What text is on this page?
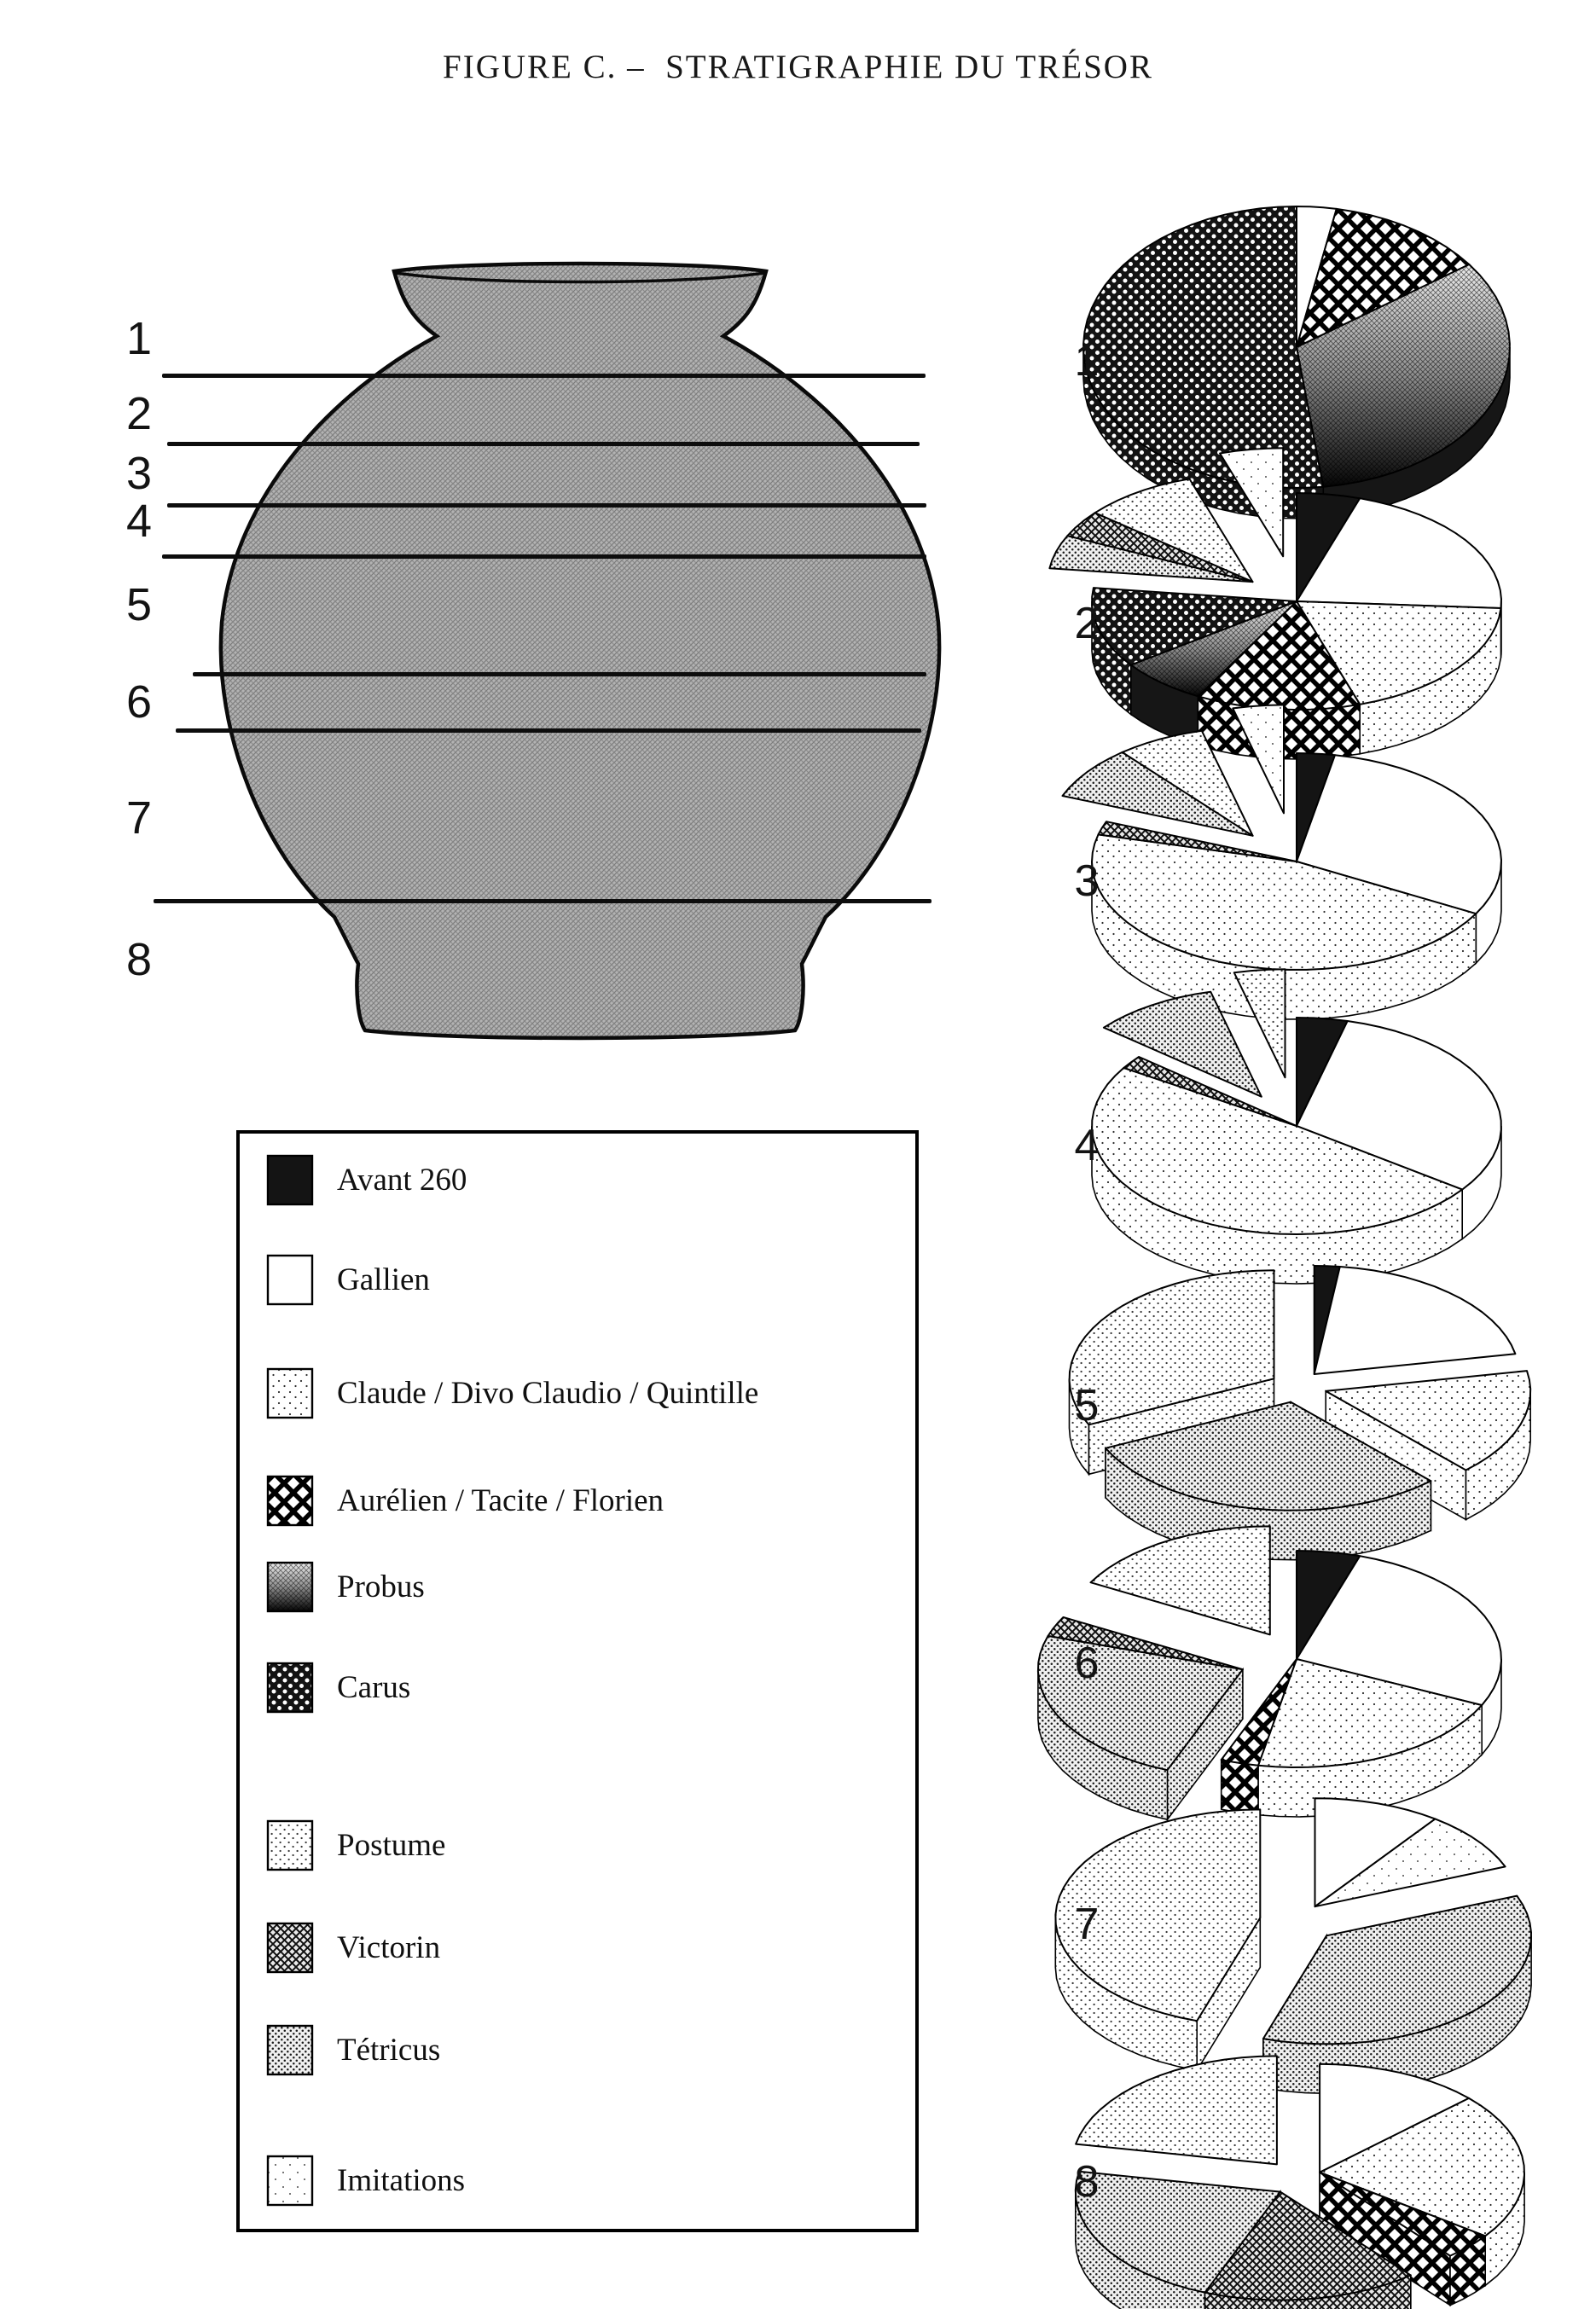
FIGURE C. –  STRATIGRAPHIE DU TRÉSOR
1
2
3
4
5
6
7
8
Avant 260
Gallien
Claude / Divo Claudio / Quintille
Aurélien / Tacite / Florien
Probus
Carus
Postume
Victorin
Tétricus
Imitations
1
2
3
4
5
6
7
8
